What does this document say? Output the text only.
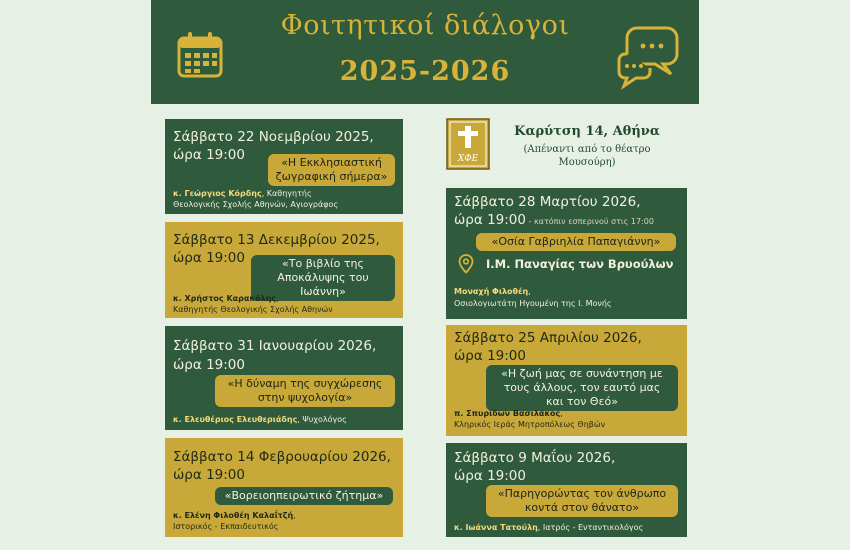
Φοιτητικοί διάλογοι
2025-2026
ΧΦΕ
Καρύτση 14, Αθήνα
(Απέναντι από το θέατρο
Μουσούρη)
Σάββατο 22 Νοεμβρίου 2025,
ώρα 19:00	«Η Εκκλησιαστική
ζωγραφική σήμερα»
κ. Γεώργιος Κόρδης, Καθηγητής
Θεολογικής Σχολής Αθηνών, Αγιογράφος
Σάββατο 13 Δεκεμβρίου 2025,
ώρα 19:00	«Το βιβλίο της
Αποκάλυψης του Ιωάννη»
κ. Χρήστος Καρακόλης,
Καθηγητής Θεολογικής Σχολής Αθηνών
Σάββατο 31 Ιανουαρίου 2026,
ώρα 19:00
«Η δύναμη της συγχώρεσης
στην ψυχολογία»
κ. Ελευθέριος Ελευθεριάδης, Ψυχολόγος
Σάββατο 14 Φεβρουαρίου 2026,
ώρα 19:00
«Βορειοηπειρωτικό ζήτημα»
κ. Ελένη Φιλοθέη Καλαΐτζή,
Ιστορικός - Εκπαιδευτικός
Σάββατο 28 Μαρτίου 2026,
ώρα 19:00 - κατόπιν εσπερινού στις 17:00
«Οσία Γαβριηλία Παπαγιάννη»
Ι.Μ. Παναγίας των Βρυούλων
Μοναχή Φιλοθέη,
Οσιολογιωτάτη Ηγουμένη της Ι. Μονής
Σάββατο 25 Απριλίου 2026,
ώρα 19:00
«Η ζωή μας σε συνάντηση με
τους άλλους, τον εαυτό μας
και τον Θεό»
π. Σπυρίδων Βασιλάκος,
Κληρικός Ιεράς Μητροπόλεως Θηβών
Σάββατο 9 Μαΐου 2026,
ώρα 19:00
«Παρηγορώντας τον άνθρωπο
κοντά στον θάνατο»
κ. Ιωάννα Τατούλη, Ιατρός - Ενταντικολόγος
